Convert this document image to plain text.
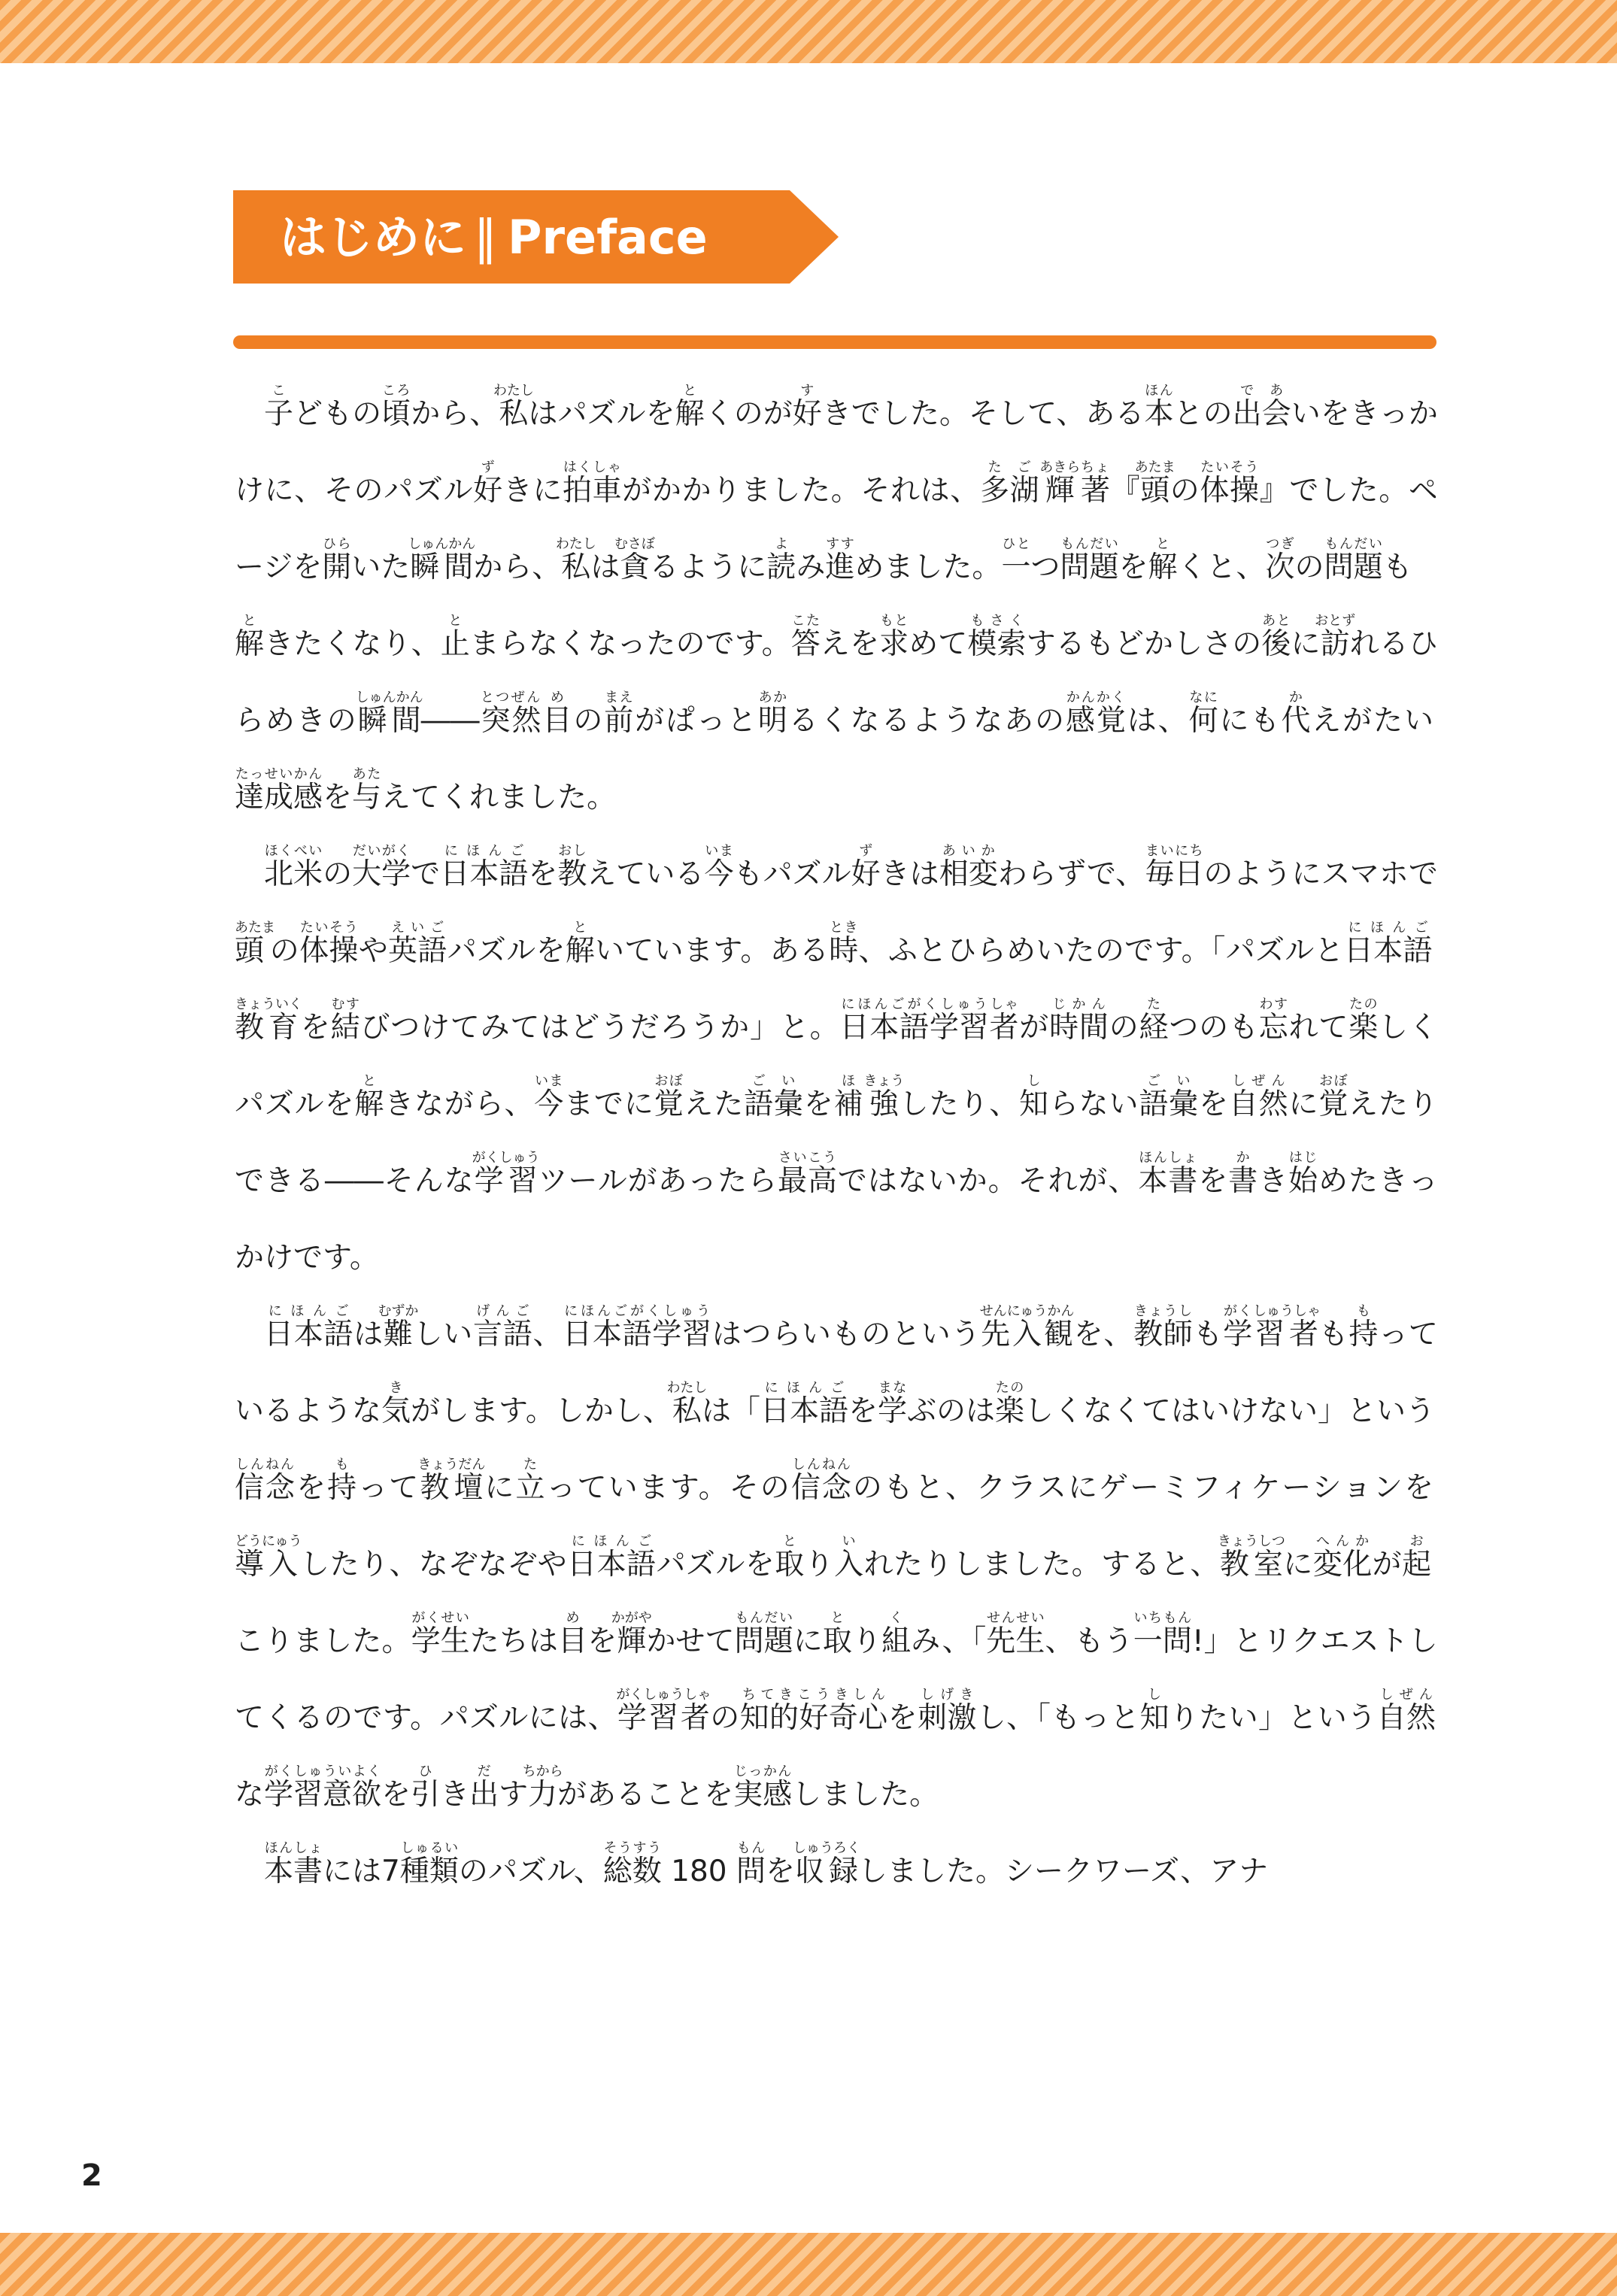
はじめに ‖ Preface

子こどもの頃ころから、私わたしはパズルを解とくのが好すきでした。そして、ある本ほんとの出で会あいをきっかけに、そのパズル好ずきに拍車はくしゃがかかりました。それは、多湖たご輝あきら著ちょ『頭あたまの体操たいそう』でした。ページを開ひらいた瞬間しゅんかんから、私わたしは貪むさぼるように読よみ進すすめました。一ひとつ問題もんだいを解とくと、次つぎの問題もんだいも解ときたくなり、止とまらなくなったのです。答こたえを求もとめて模索もさくするもどかしさの後あとに訪おとずれるひらめきの瞬間しゅんかん――突然とつぜん目めの前まえがぱっと明あかるくなるようなあの感覚かんかくは、何なににも代かえがたい達成感たっせいかんを与あたえてくれました。

北米ほくべいの大学だいがくで日本語にほんごを教おしえている今いまもパズル好ずきは相変あいかわらずで、毎日まいにちのようにスマホで頭あたまの体操たいそうや英語えいごパズルを解といています。ある時とき、ふとひらめいたのです。「パズルと日本語にほんご教育きょういくを結むすびつけてみてはどうだろうか」と。日本語学習にほんごがくしゅう者しゃが時間じかんの経たつのも忘わすれて楽たのしくパズルを解ときながら、今いままでに覚おぼえた語彙ごいを補ほ強きょうしたり、知しらない語彙ごいを自然しぜんに覚おぼえたりできる――そんな学習がくしゅうツールがあったら最高さいこうではないか。それが、本書ほんしょを書かき始はじめたきっかけです。

日本語にほんごは難むずかしい言語げんご、日本語学習にほんごがくしゅうはつらいものという先入観せんにゅうかんを、教師きょうしも学がく習者しゅうしゃも持もっているような気きがします。しかし、私わたしは「日本語にほんごを学まなぶのは楽たのしくなくてはいけない」という信念しんねんを持もって教壇きょうだんに立たっています。その信念しんねんのもと、クラスにゲーミフィケーションを導入どうにゅうしたり、なぞなぞや日本語にほんごパズルを取とり入いれたりしました。すると、教室きょうしつに変化へんかが起おこりました。学生がくせいたちは目めを輝かがやかせて問題もんだいに取とり組くみ、「先生せんせい、もう一問いちもん!」とリクエストしてくるのです。パズルには、学習者がくしゅうしゃの知的好奇心ちてきこうきしんを刺激しげきし、「もっと知しりたい」という自然しぜんな学習意がくしゅうい欲よくを引ひき出だす力ちからがあることを実感じっかんしました。

本書ほんしょには7種類しゅるいのパズル、総数そうすう 180 問もんを収録しゅうろくしました。シークワーズ、アナ

2
